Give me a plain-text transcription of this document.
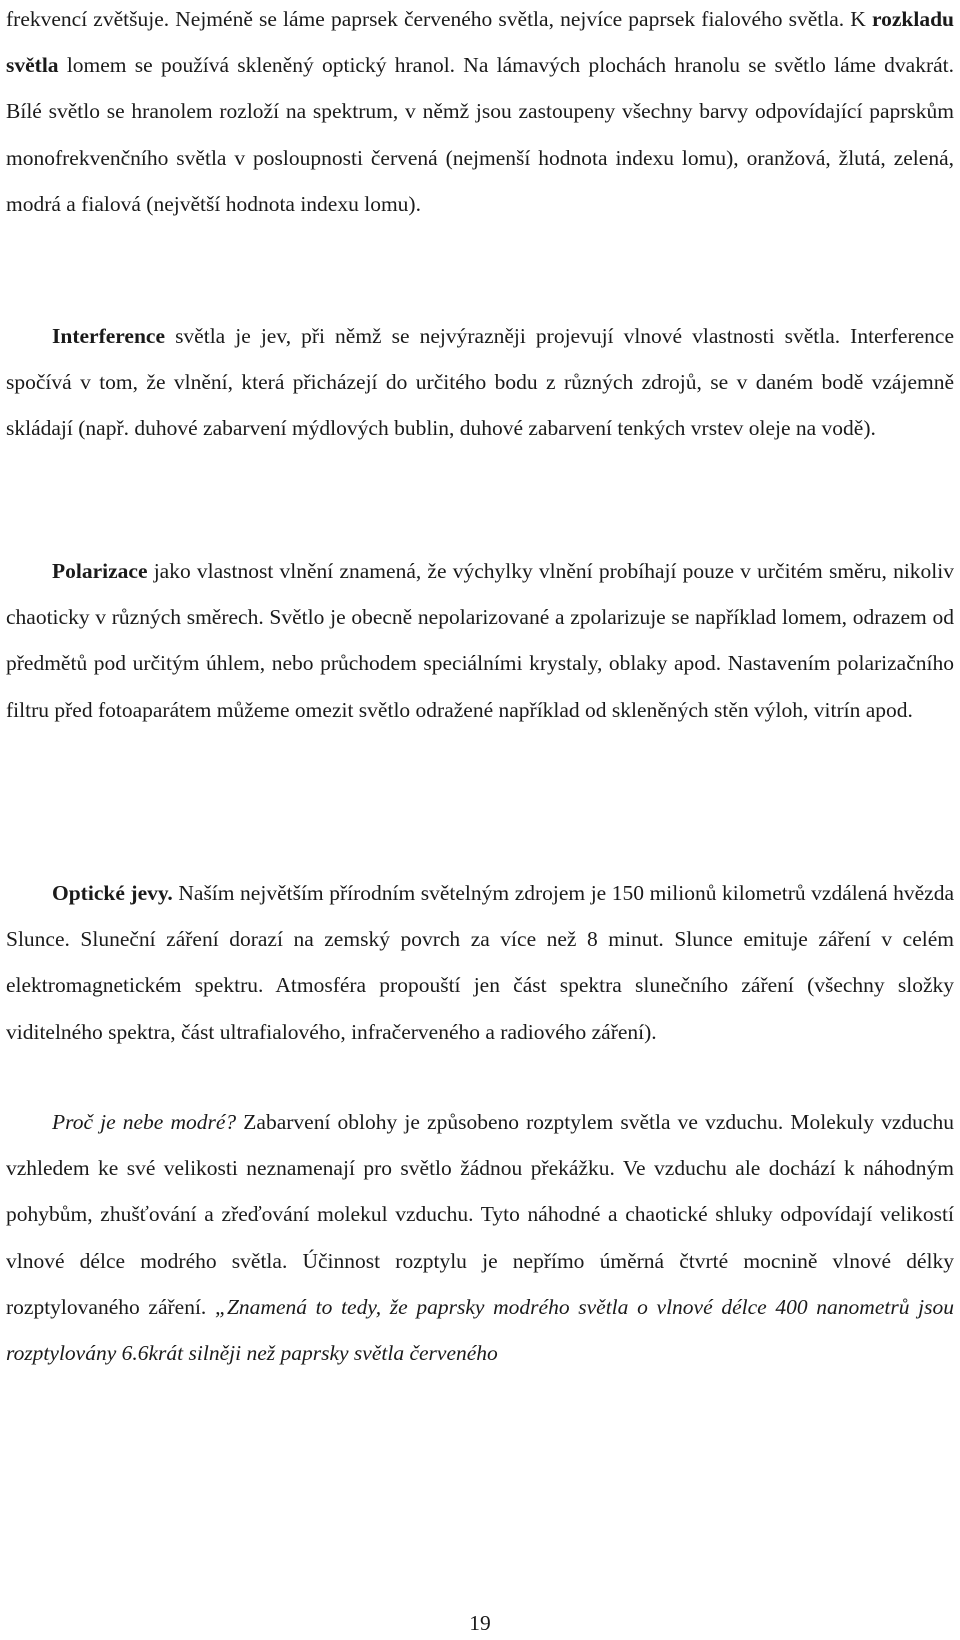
frekvencí zvětšuje. Nejméně se láme paprsek červeného světla, nejvíce paprsek fialového světla. K rozkladu světla lomem se používá skleněný optický hranol. Na lámavých plochách hranolu se světlo láme dvakrát. Bílé světlo se hranolem rozloží na spektrum, v němž jsou zastoupeny všechny barvy odpovídající paprskům monofrekvenčního světla v posloupnosti červená (nejmenší hodnota indexu lomu), oranžová, žlutá, zelená, modrá a fialová (největší hodnota indexu lomu).

Interference světla je jev, při němž se nejvýrazněji projevují vlnové vlastnosti světla. Interference spočívá v tom, že vlnění, která přicházejí do určitého bodu z různých zdrojů, se v daném bodě vzájemně skládají (např. duhové zabarvení mýdlových bublin, duhové zabarvení tenkých vrstev oleje na vodě).

Polarizace jako vlastnost vlnění znamená, že výchylky vlnění probíhají pouze v určitém směru, nikoliv chaoticky v různých směrech. Světlo je obecně nepolarizované a zpolarizuje se například lomem, odrazem od předmětů pod určitým úhlem, nebo průchodem speciálními krystaly, oblaky apod. Nastavením polarizačního filtru před fotoaparátem můžeme omezit světlo odražené například od skleněných stěn výloh, vitrín apod.

Optické jevy. Naším největším přírodním světelným zdrojem je 150 milionů kilometrů vzdálená hvězda Slunce. Sluneční záření dorazí na zemský povrch za více než 8 minut. Slunce emituje záření v celém elektromagnetickém spektru. Atmosféra propouští jen část spektra slunečního záření (všechny složky viditelného spektra, část ultrafialového, infračerveného a radiového záření).

Proč je nebe modré? Zabarvení oblohy je způsobeno rozptylem světla ve vzduchu. Molekuly vzduchu vzhledem ke své velikosti neznamenají pro světlo žádnou překážku. Ve vzduchu ale dochází k náhodným pohybům, zhušťování a zřeďování molekul vzduchu. Tyto náhodné a chaotické shluky odpovídají velikostí vlnové délce modrého světla. Účinnost rozptylu je nepřímo úměrná čtvrté mocnině vlnové délky rozptylovaného záření. „Znamená to tedy, že paprsky modrého světla o vlnové délce 400 nanometrů jsou rozptylovány 6.6krát silněji než paprsky světla červeného

19
